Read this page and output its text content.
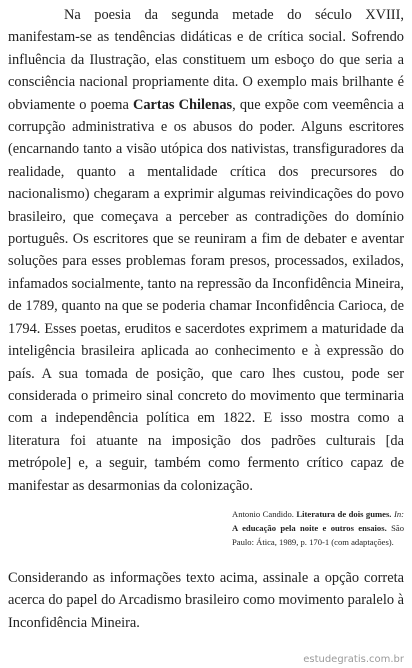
Na poesia da segunda metade do século XVIII, manifestam-se as tendências didáticas e de crítica social. Sofrendo influência da Ilustração, elas constituem um esboço do que seria a consciência nacional propriamente dita. O exemplo mais brilhante é obviamente o poema Cartas Chilenas, que expõe com veemência a corrupção administrativa e os abusos do poder. Alguns escritores (encarnando tanto a visão utópica dos nativistas, transfiguradores da realidade, quanto a mentalidade crítica dos precursores do nacionalismo) chegaram a exprimir algumas reivindicações do povo brasileiro, que começava a perceber as contradições do domínio português. Os escritores que se reuniram a fim de debater e aventar soluções para esses problemas foram presos, processados, exilados, infamados socialmente, tanto na repressão da Inconfidência Mineira, de 1789, quanto na que se poderia chamar Inconfidência Carioca, de 1794. Esses poetas, eruditos e sacerdotes exprimem a maturidade da inteligência brasileira aplicada ao conhecimento e à expressão do país. A sua tomada de posição, que caro lhes custou, pode ser considerada o primeiro sinal concreto do movimento que terminaria com a independência política em 1822. E isso mostra como a literatura foi atuante na imposição dos padrões culturais [da metrópole] e, a seguir, também como fermento crítico capaz de manifestar as desarmonias da colonização.

Antonio Candido. Literatura de dois gumes. In: A educação pela noite e outros ensaios. São Paulo: Ática, 1989, p. 170-1 (com adaptações).

Considerando as informações texto acima, assinale a opção correta acerca do papel do Arcadismo brasileiro como movimento paralelo à Inconfidência Mineira.

estudegratis.com.br
